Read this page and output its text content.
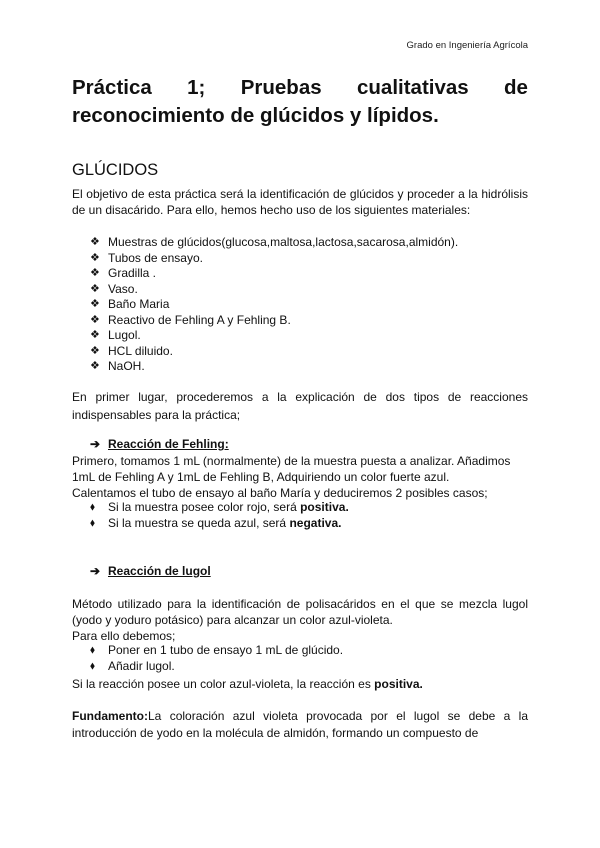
Grado en Ingeniería Agrícola
Práctica 1; Pruebas cualitativas de
reconocimiento de glúcidos y lípidos.
GLÚCIDOS

El objetivo de esta práctica será la identificación de glúcidos y proceder a la hidrólisis de un disacárido. Para ello, hemos hecho uso de los siguientes materiales:

❖ Muestras de glúcidos(glucosa,maltosa,lactosa,sacarosa,almidón).
❖ Tubos de ensayo.
❖ Gradilla .
❖ Vaso.
❖ Baño Maria
❖ Reactivo de Fehling A y Fehling B.
❖ Lugol.
❖ HCL diluido.
❖ NaOH.

En primer lugar, procederemos a la explicación de dos tipos de reacciones indispensables para la práctica;

➔ Reacción de Fehling:

Primero, tomamos 1 mL (normalmente) de la muestra puesta a analizar. Añadimos

1mL de Fehling A y 1mL de Fehling B, Adquiriendo un color fuerte azul.

Calentamos el tubo de ensayo al baño María y deduciremos 2 posibles casos;

⬧ Si la muestra posee color rojo, será positiva.
⬧ Si la muestra se queda azul, será negativa.
➔ Reacción de lugol

Método utilizado para la identificación de polisacáridos en el que se mezcla lugol (yodo y yoduro potásico) para alcanzar un color azul-violeta.

Para ello debemos;

⬧ Poner en 1 tubo de ensayo 1 mL de glúcido.
⬧ Añadir lugol.

Si la reacción posee un color azul-violeta, la reacción es positiva.

Fundamento:La coloración azul violeta provocada por el lugol se debe a la introducción de yodo en la molécula de almidón, formando un compuesto de
